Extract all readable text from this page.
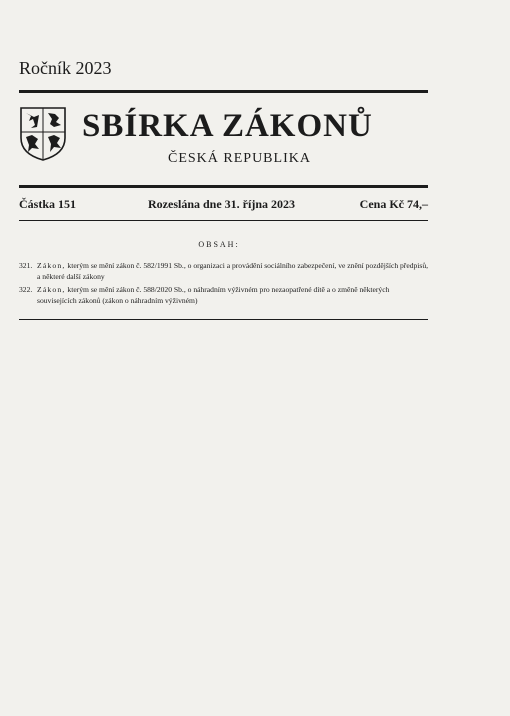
Ročník 2023
SBÍRKA ZÁKONŮ
ČESKÁ REPUBLIKA
Částka 151	Rozeslána dne 31. října 2023	Cena Kč 74,–
OBSAH:
321. Zákon, kterým se mění zákon č. 582/1991 Sb., o organizaci a provádění sociálního zabezpečení, ve znění pozdějších předpisů, a některé další zákony
322. Zákon, kterým se mění zákon č. 588/2020 Sb., o náhradním výživném pro nezaopatřené dítě a o změně některých souvisejících zákonů (zákon o náhradním výživném)
